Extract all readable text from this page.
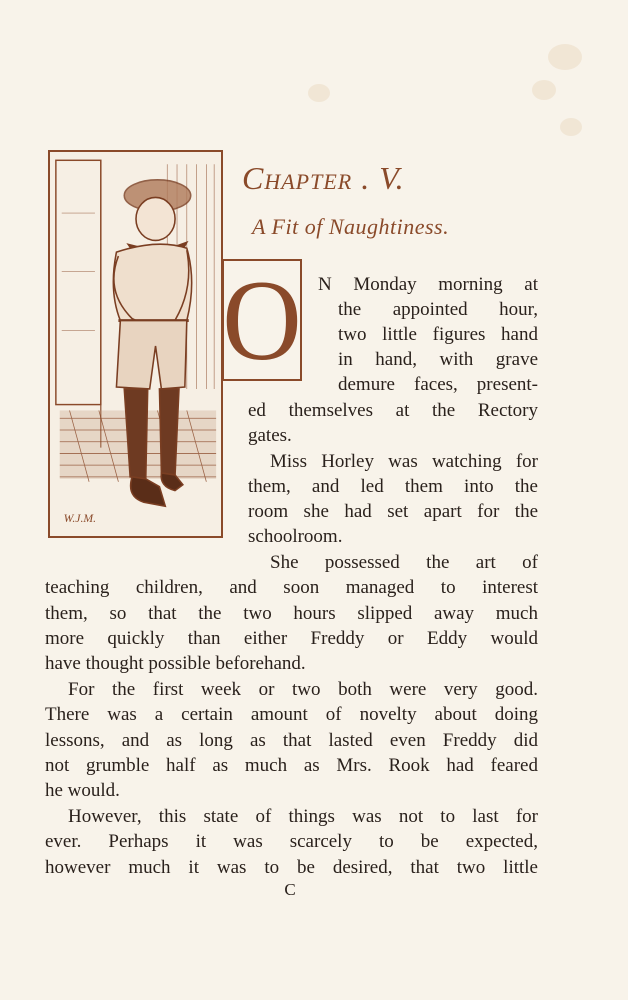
W.J.M.
Chapter . V.
A Fit of Naughtiness.
O N Monday morning at
the appointed hour,
two little figures hand
in hand, with grave
demure faces, present-
ed themselves at the Rectory
gates.
Miss Horley was watching for
them, and led them into the
room she had set apart for the
schoolroom.
She possessed the art of
teaching children, and soon managed to interest
them, so that the two hours slipped away much
more quickly than either Freddy or Eddy would
have thought possible beforehand.
For the first week or two both were very good.
There was a certain amount of novelty about doing
lessons, and as long as that lasted even Freddy did
not grumble half as much as Mrs. Rook had feared
he would.
However, this state of things was not to last for
ever. Perhaps it was scarcely to be expected,
however much it was to be desired, that two little
C
